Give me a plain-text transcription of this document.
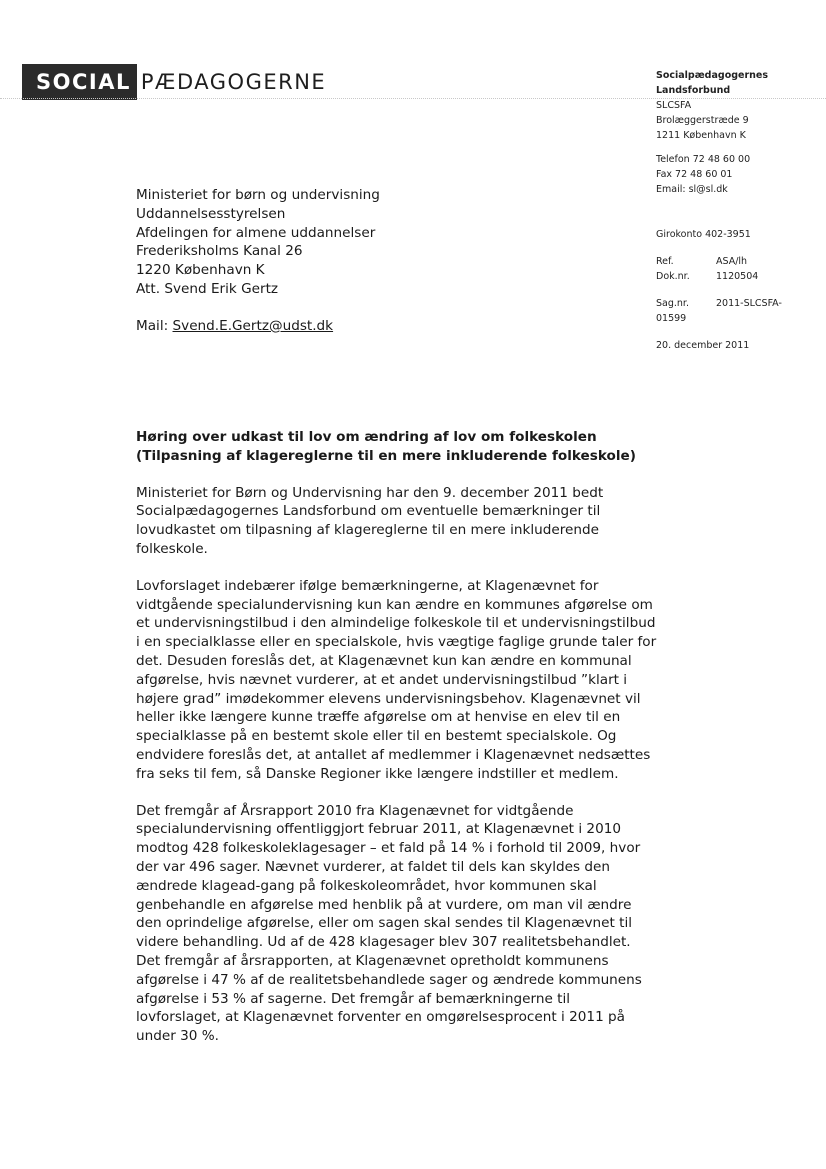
SOCIAL PÆDAGOGERNE	Socialpædagogernes Landsforbund
SLCSFA
Brolæggerstræde 9
1211 København K
Telefon 72 48 60 00
Fax 72 48 60 01
Email: sl@sl.dk
Girokonto 402-3951
Ref.	ASA/lh
Dok.nr.	1120504
Sag.nr.	2011-SLCSFA-
01599
20. december 2011
Ministeriet for børn og undervisning
Uddannelsesstyrelsen
Afdelingen for almene uddannelser
Frederiksholms Kanal 26
1220 København K
Att. Svend Erik Gertz
Mail: Svend.E.Gertz@udst.dk

Høring over udkast til lov om ændring af lov om folkeskolen (Tilpasning af klagereglerne til en mere inkluderende folkeskole)

Ministeriet for Børn og Undervisning har den 9. december 2011 bedt Socialpædagogernes Landsforbund om eventuelle bemærkninger til lovudkastet om tilpasning af klagereglerne til en mere inkluderende folkeskole.

Lovforslaget indebærer ifølge bemærkningerne, at Klagenævnet for vidtgående specialundervisning kun kan ændre en kommunes afgørelse om et undervisningstilbud i den almindelige folkeskole til et undervisningstilbud i en specialklasse eller en specialskole, hvis vægtige faglige grunde taler for det. Desuden foreslås det, at Klagenævnet kun kan ændre en kommunal afgørelse, hvis nævnet vurderer, at et andet undervisningstilbud ”klart i højere grad” imødekommer elevens undervisningsbehov. Klagenævnet vil heller ikke længere kunne træffe afgørelse om at henvise en elev til en specialklasse på en bestemt skole eller til en bestemt specialskole. Og endvidere foreslås det, at antallet af medlemmer i Klagenævnet nedsættes fra seks til fem, så Danske Regioner ikke længere indstiller et medlem.

Det fremgår af Årsrapport 2010 fra Klagenævnet for vidtgående specialundervisning offentliggjort februar 2011, at Klagenævnet i 2010 modtog 428 folkeskoleklagesager – et fald på 14 % i forhold til 2009, hvor der var 496 sager. Nævnet vurderer, at faldet til dels kan skyldes den ændrede klagead-gang på folkeskoleområdet, hvor kommunen skal genbehandle en afgørelse med henblik på at vurdere, om man vil ændre den oprindelige afgørelse, eller om sagen skal sendes til Klagenævnet til videre behandling. Ud af de 428 klagesager blev 307 realitetsbehandlet.

Det fremgår af årsrapporten, at Klagenævnet opretholdt kommunens afgørelse i 47 % af de realitetsbehandlede sager og ændrede kommunens afgørelse i 53 % af sagerne. Det fremgår af bemærkningerne til lovforslaget, at Klagenævnet forventer en omgørelsesprocent i 2011 på under 30 %.
